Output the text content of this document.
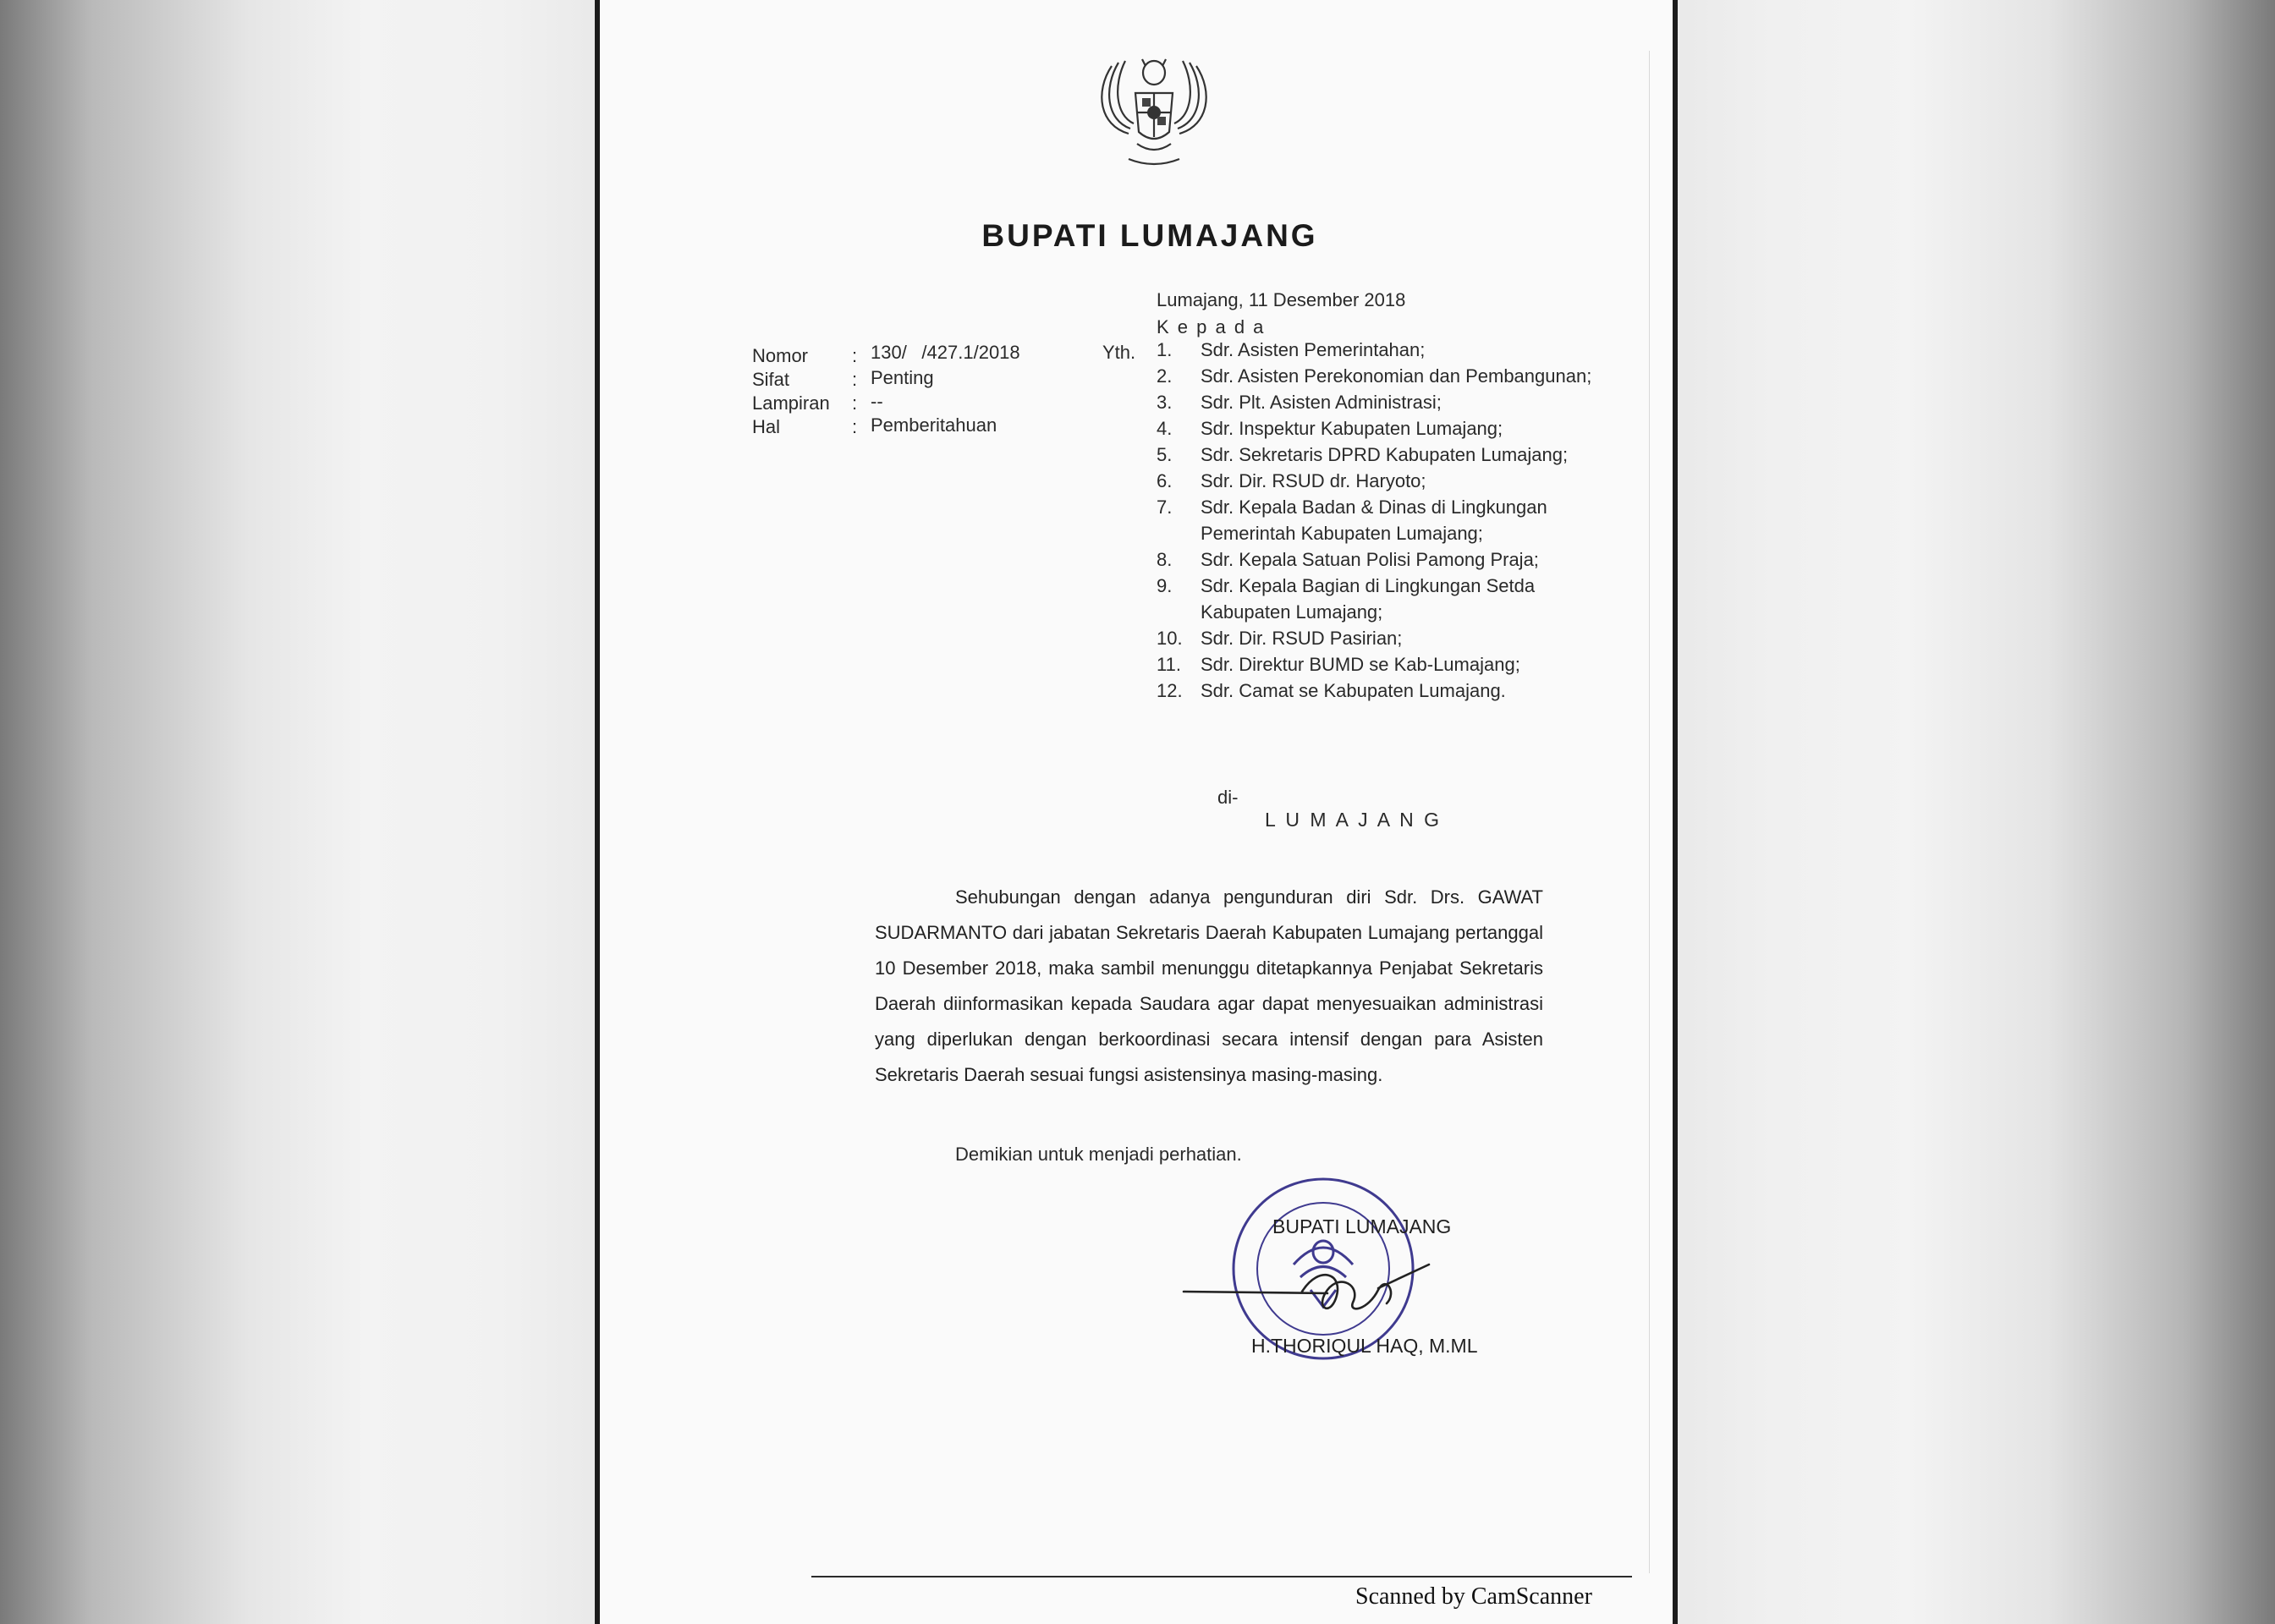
BUPATI LUMAJANG
Lumajang, 11 Desember 2018
K e p a d a
Nomor	: 130/    /427.1/2018
Sifat	: Penting
Lampiran	: --
Hal	: Pemberitahuan
Yth. 1. Sdr. Asisten Pemerintahan;
2. Sdr. Asisten Perekonomian dan Pembangunan;
3. Sdr. Plt. Asisten Administrasi;
4. Sdr. Inspektur Kabupaten Lumajang;
5. Sdr. Sekretaris DPRD Kabupaten Lumajang;
6. Sdr. Dir. RSUD dr. Haryoto;
7. Sdr. Kepala Badan & Dinas di Lingkungan Pemerintah Kabupaten Lumajang;
8. Sdr. Kepala Satuan Polisi Pamong Praja;
9. Sdr. Kepala Bagian di Lingkungan Setda Kabupaten Lumajang;
10. Sdr. Dir. RSUD Pasirian;
11. Sdr. Direktur BUMD se Kab-Lumajang;
12. Sdr. Camat se Kabupaten Lumajang.
di-
L U M A J A N G

Sehubungan dengan adanya pengunduran diri Sdr. Drs. GAWAT SUDARMANTO dari jabatan Sekretaris Daerah Kabupaten Lumajang pertanggal 10 Desember 2018, maka sambil menunggu ditetapkannya Penjabat Sekretaris Daerah diinformasikan kepada Saudara agar dapat menyesuaikan administrasi yang diperlukan dengan berkoordinasi secara intensif dengan para Asisten Sekretaris Daerah sesuai fungsi asistensinya masing-masing.

Demikian untuk menjadi perhatian.
BUPATI LUMAJANG
H.THORIQUL HAQ, M.ML
Scanned by CamScanner
